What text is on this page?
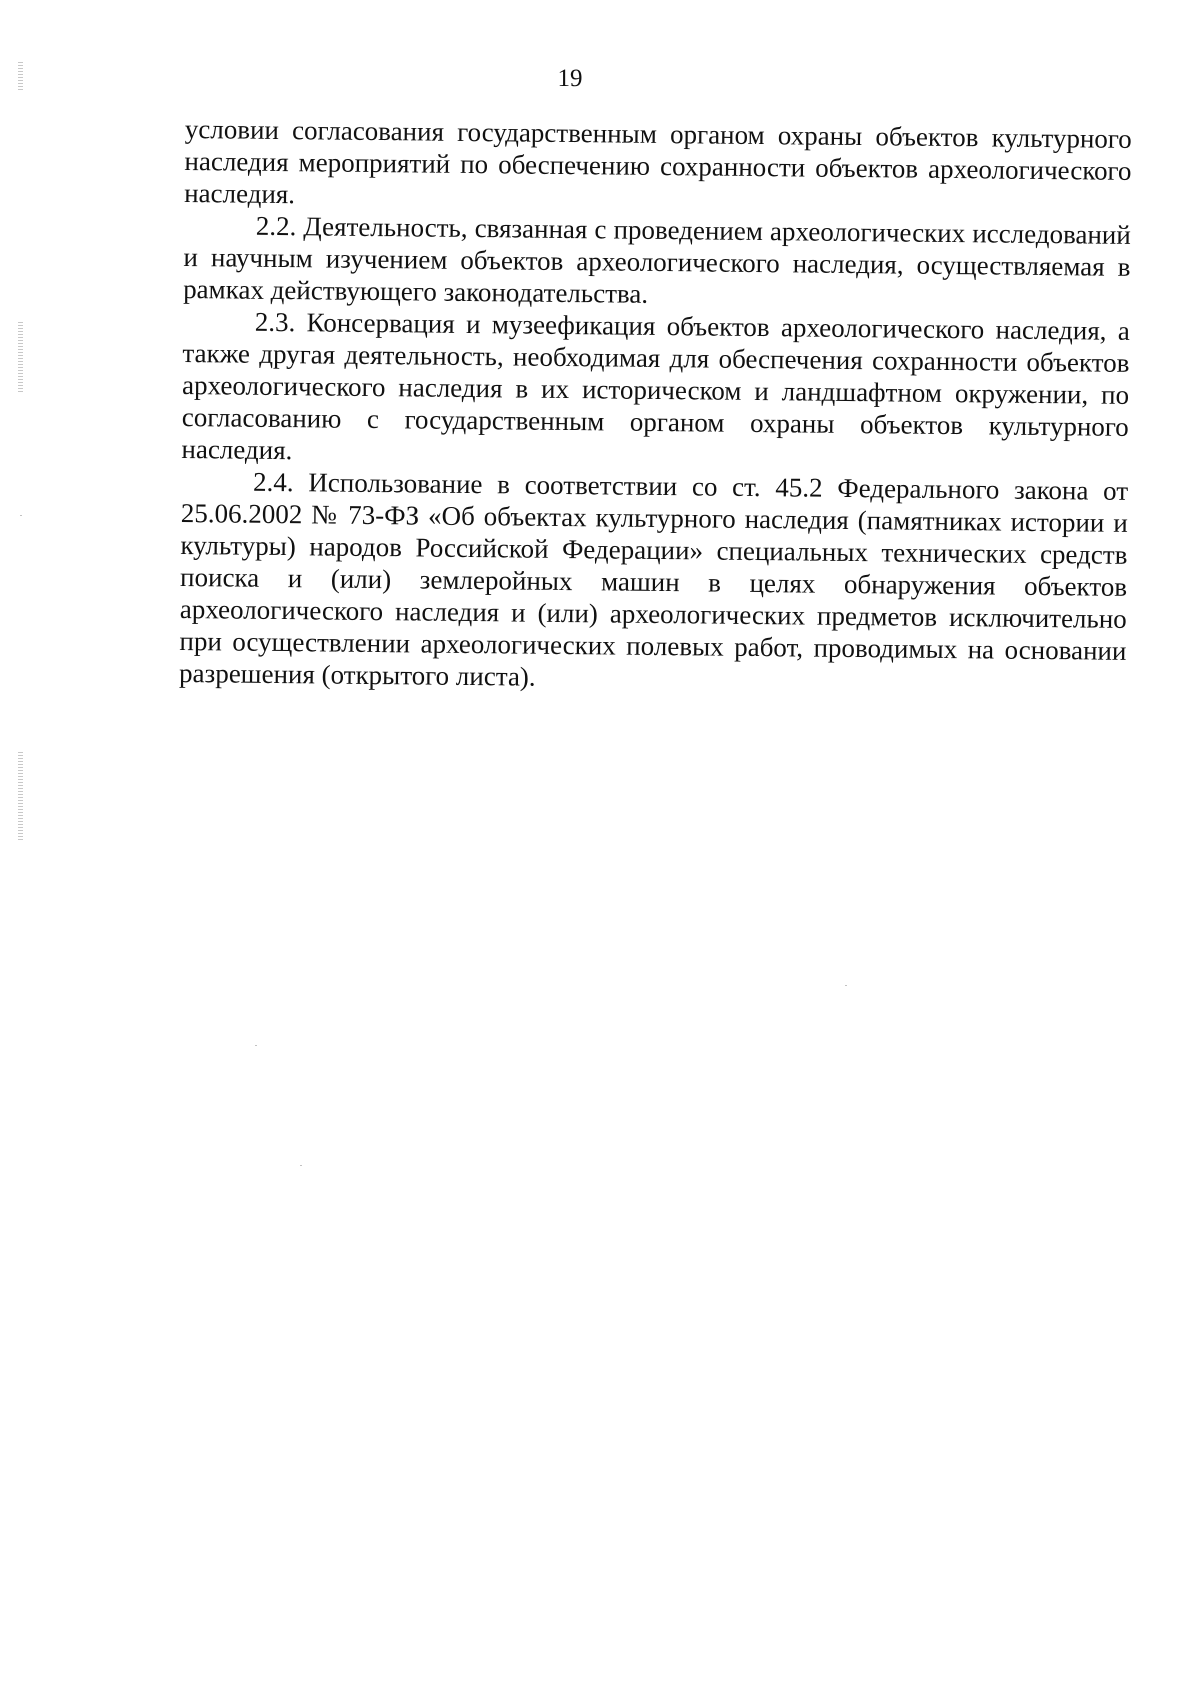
19

условии согласования государственным органом охраны объектов культурного наследия мероприятий по обеспечению сохранности объектов археологического наследия.

2.2. Деятельность, связанная с проведением археологических исследований и научным изучением объектов археологического наследия, осуществляемая в рамках действующего законодательства.

2.3. Консервация и музеефикация объектов археологического наследия, а также другая деятельность, необходимая для обеспечения сохранности объектов археологического наследия в их историческом и ландшафтном окружении, по согласованию с государственным органом охраны объектов культурного наследия.

2.4. Использование в соответствии со ст. 45.2 Федерального закона от 25.06.2002 № 73-ФЗ «Об объектах культурного наследия (памятниках истории и культуры) народов Российской Федерации» специальных технических средств поиска и (или) землеройных машин в целях обнаружения объектов археологического наследия и (или) археологических предметов исключительно при осуществлении археологических полевых работ, проводимых на основании разрешения (открытого листа).
